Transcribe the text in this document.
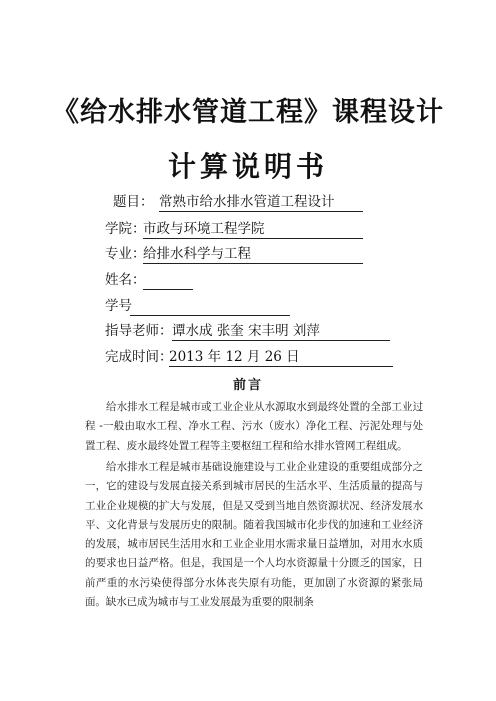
《给水排水管道工程》课程设计
计算说明书
题目： 常熟市给水排水管道工程设计
学院：
市政与环境工程学院
专业：
给排水科学与工程
姓名：
学号
指导老师： 谭水成 张奎 宋丰明 刘萍
完成时间：
2013 年 12 月 26 日
前言

给水排水工程是城市或工业企业从水源取水到最终处置的全部工业过程 -一般由取水工程、净水工程、污水（废水）净化工程、污泥处理与处置工程、废水最终处置工程等主要枢纽工程和给水排水管网工程组成。

给水排水工程是城市基础设施建设与工业企业建设的重要组成部分之一，它的建设与发展直接关系到城市居民的生活水平、生活质量的提高与工业企业规模的扩大与发展，但是又受到当地自然资源状况、经济发展水平、文化背景与发展历史的限制。随着我国城市化步伐的加速和工业经济的发展，城市居民生活用水和工业企业用水需求量日益增加，对用水水质的要求也日益严格。但是，我国是一个人均水资源量十分匮乏的国家，日前严重的水污染使得部分水体丧失原有功能，更加剧了水资源的紧张局面。缺水已成为城市与工业发展最为重要的限制条
